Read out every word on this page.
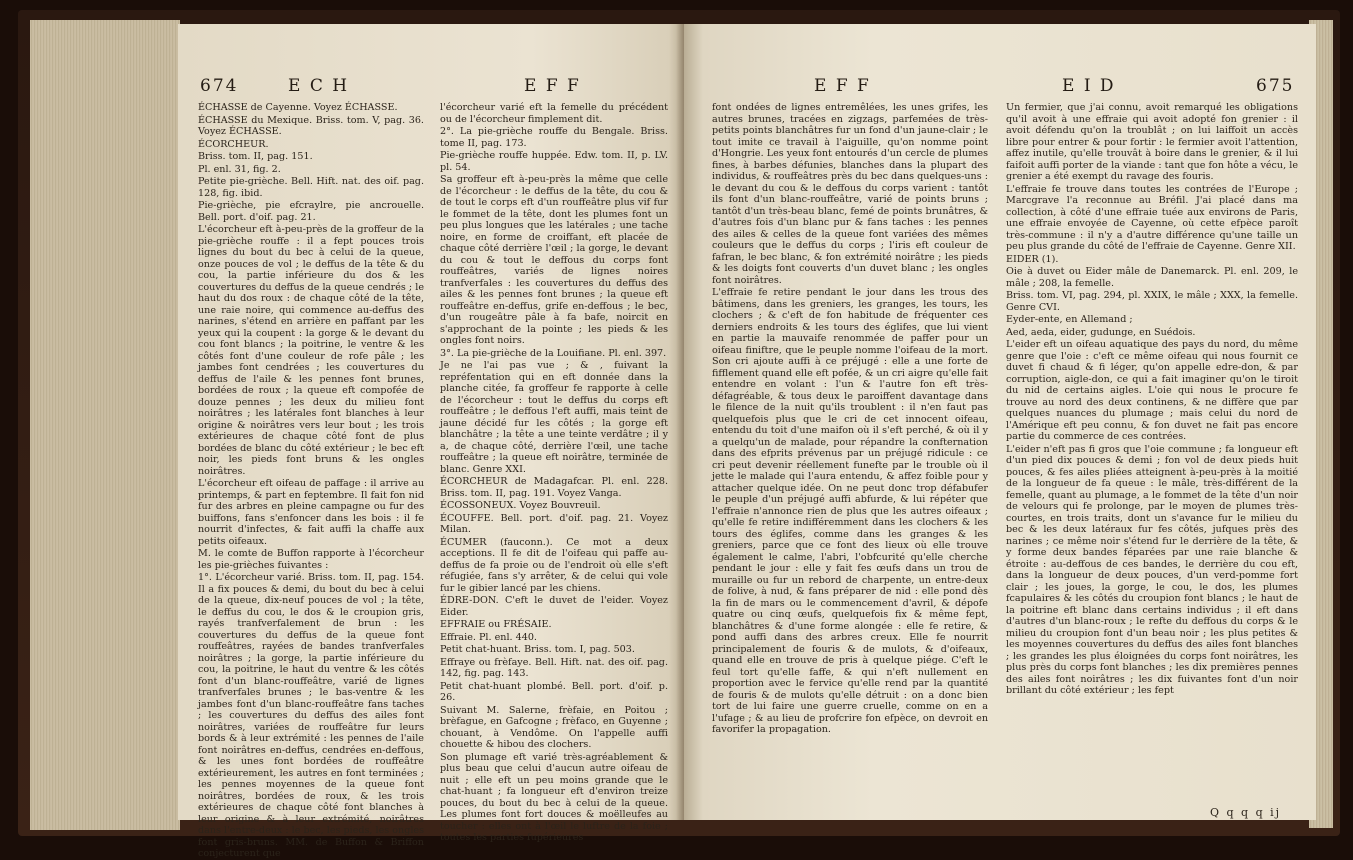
674	E C H	E F F

ÉCHASSE de Cayenne. Voyez ÉCHASSE.

ÉCHASSE du Mexique. Briss. tom. V, pag. 36. Voyez ÉCHASSE.

ÉCORCHEUR.

Briss. tom. II, pag. 151.

Pl. enl. 31, fig. 2.

Petite pie-grièche. Bell. Hift. nat. des oif. pag. 128, fig. ibid.

Pie-grièche, pie efcraylre, pie ancrouelle. Bell. port. d'oif. pag. 21.

L'écorcheur eft à-peu-près de la groffeur de la pie-grièche rouffe : il a fept pouces trois lignes du bout du bec à celui de la queue, onze pouces de vol ; le deffus de la tête & du cou, la partie inférieure du dos & les couvertures du deffus de la queue cendrés ; le haut du dos roux : de chaque côté de la tête, une raie noire, qui commence au-deffus des narines, s'étend en arrière en paffant par les yeux qui la coupent : la gorge & le devant du cou font blancs ; la poitrine, le ventre & les côtés font d'une couleur de rofe pâle ; les jambes font cendrées ; les couvertures du deffus de l'aile & les pennes font brunes, bordées de roux ; la queue eft compofée de douze pennes ; les deux du milieu font noirâtres ; les latérales font blanches à leur origine & noirâtres vers leur bout ; les trois extérieures de chaque côté font de plus bordées de blanc du côté extérieur ; le bec eft noir, les pieds font bruns & les ongles noirâtres.

L'écorcheur eft oifeau de paffage : il arrive au printemps, & part en feptembre. Il fait fon nid fur des arbres en pleine campagne ou fur des buiffons, fans s'enfoncer dans les bois : il fe nourrit d'infectes, & fait auffi la chaffe aux petits oifeaux.

M. le comte de Buffon rapporte à l'écorcheur les pie-grièches fuivantes :

1°. L'écorcheur varié. Briss. tom. II, pag. 154. Il a fix pouces & demi, du bout du bec à celui de la queue, dix-neuf pouces de vol ; la tête, le deffus du cou, le dos & le croupion gris, rayés tranfverfalement de brun : les couvertures du deffus de la queue font rouffeâtres, rayées de bandes tranfverfales noirâtres ; la gorge, la partie inférieure du cou, la poitrine, le haut du ventre & les côtés font d'un blanc-rouffeâtre, varié de lignes tranfverfales brunes ; le bas-ventre & les jambes font d'un blanc-rouffeâtre fans taches ; les couvertures du deffus des ailes font noirâtres, variées de rouffeâtre fur leurs bords & à leur extrémité : les pennes de l'aile font noirâtres en-deffus, cendrées en-deffous, & les unes font bordées de rouffeâtre extérieurement, les autres en font terminées ; les pennes moyennes de la queue font noirâtres, bordées de roux, & les trois extérieures de chaque côté font blanches à leur origine & à leur extrémité, noirâtres dans l'entre-deux : le bec, les pieds, les ongles font gris-bruns. MM. de Buffon & Briffon conjecturent que

l'écorcheur varié eft la femelle du précédent ou de l'écorcheur fimplement dit.

2°. La pie-grièche rouffe du Bengale. Briss. tome II, pag. 173.

Pie-grièche rouffe huppée. Edw. tom. II, p. LV. pl. 54.

Sa groffeur eft à-peu-près la même que celle de l'écorcheur : le deffus de la tête, du cou & de tout le corps eft d'un rouffeâtre plus vif fur le fommet de la tête, dont les plumes font un peu plus longues que les latérales ; une tache noire, en forme de croiffant, eft placée de chaque côté derrière l'œil ; la gorge, le devant du cou & tout le deffous du corps font rouffeâtres, variés de lignes noires tranfverfales : les couvertures du deffus des ailes & les pennes font brunes ; la queue eft rouffeâtre en-deffus, grife en-deffous ; le bec, d'un rougeâtre pâle à fa bafe, noircit en s'approchant de la pointe ; les pieds & les ongles font noirs.

3°. La pie-grièche de la Louifiane. Pl. enl. 397.

Je ne l'ai pas vue ; & , fuivant la repréfentation qui en eft donnée dans la planche citée, fa groffeur fe rapporte à celle de l'écorcheur : tout le deffus du corps eft rouffeâtre ; le deffous l'eft auffi, mais teint de jaune décidé fur les côtés ; la gorge eft blanchâtre ; la tête a une teinte verdâtre ; il y a, de chaque côté, derrière l'œil, une tache rouffeâtre ; la queue eft noirâtre, terminée de blanc. Genre XXI.

ÉCORCHEUR de Madagafcar. Pl. enl. 228. Briss. tom. II, pag. 191. Voyez Vanga.

ÉCOSSONEUX. Voyez Bouvreuil.

ÉCOUFFE. Bell. port. d'oif. pag. 21. Voyez Milan.

ÉCUMER (fauconn.). Ce mot a deux acceptions. Il fe dit de l'oifeau qui paffe au-deffus de fa proie ou de l'endroit où elle s'eft réfugiée, fans s'y arrêter, & de celui qui vole fur le gibier lancé par les chiens.

ÉDRE-DON. C'eft le duvet de l'eider. Voyez Eider.

EFFRAIE ou FRÉSAIE.

Effraie. Pl. enl. 440.

Petit chat-huant. Briss. tom. I, pag. 503.

Effraye ou frèfaye. Bell. Hift. nat. des oif. pag. 142, fig. pag. 143.

Petit chat-huant plombé. Bell. port. d'oif. p. 26.

Suivant M. Salerne, frèfaie, en Poitou ; brèfague, en Gafcogne ; frèfaco, en Guyenne ; chouant, à Vendôme. On l'appelle auffi chouette & hibou des clochers.

Son plumage eft varié très-agréablement & plus beau que celui d'aucun autre oifeau de nuit ; elle eft un peu moins grande que le chat-huant ; fa longueur eft d'environ treize pouces, du bout du bec à celui de la queue. Les plumes font fort douces & moëlleufes au toucher : elles ont à l'œil le luftre de la foie ; toutes les parties fupérieures

E F F	E I D	675

font ondées de lignes entremêlées, les unes grifes, les autres brunes, tracées en zigzags, parfemées de très-petits points blanchâtres fur un fond d'un jaune-clair ; le tout imite ce travail à l'aiguille, qu'on nomme point d'Hongrie. Les yeux font entourés d'un cercle de plumes fines, à barbes défunies, blanches dans la plupart des individus, & rouffeâtres près du bec dans quelques-uns : le devant du cou & le deffous du corps varient : tantôt ils font d'un blanc-rouffeâtre, varié de points bruns ; tantôt d'un très-beau blanc, femé de points brunâtres, & d'autres fois d'un blanc pur & fans taches : les pennes des ailes & celles de la queue font variées des mêmes couleurs que le deffus du corps ; l'iris eft couleur de fafran, le bec blanc, & fon extrémité noirâtre ; les pieds & les doigts font couverts d'un duvet blanc ; les ongles font noirâtres.

L'effraie fe retire pendant le jour dans les trous des bâtimens, dans les greniers, les granges, les tours, les clochers ; & c'eft de fon habitude de fréquenter ces derniers endroits & les tours des églifes, que lui vient en partie la mauvaife renommée de paffer pour un oifeau finiftre, que le peuple nomme l'oifeau de la mort. Son cri ajoute auffi à ce préjugé : elle a une forte de fifflement quand elle eft pofée, & un cri aigre qu'elle fait entendre en volant : l'un & l'autre fon eft très-défagréable, & tous deux le paroiffent davantage dans le filence de la nuit qu'ils troublent : il n'en faut pas quelquefois plus que le cri de cet innocent oifeau, entendu du toit d'une maifon où il s'eft perché, & où il y a quelqu'un de malade, pour répandre la confternation dans des efprits prévenus par un préjugé ridicule : ce cri peut devenir réellement funefte par le trouble où il jette le malade qui l'aura entendu, & affez foible pour y attacher quelque idée. On ne peut donc trop défabufer le peuple d'un préjugé auffi abfurde, & lui répéter que l'effraie n'annonce rien de plus que les autres oifeaux ; qu'elle fe retire indifféremment dans les clochers & les tours des églifes, comme dans les granges & les greniers, parce que ce font des lieux où elle trouve également le calme, l'abri, l'obfcurité qu'elle cherche pendant le jour : elle y fait fes œufs dans un trou de muraille ou fur un rebord de charpente, un entre-deux de folive, à nud, & fans préparer de nid : elle pond dès la fin de mars ou le commencement d'avril, & dépofe quatre ou cinq œufs, quelquefois fix & même fept, blanchâtres & d'une forme alongée : elle fe retire, & pond auffi dans des arbres creux. Elle fe nourrit principalement de fouris & de mulots, & d'oifeaux, quand elle en trouve de pris à quelque piége. C'eft le feul tort qu'elle faffe, & qui n'eft nullement en proportion avec le fervice qu'elle rend par la quantité de fouris & de mulots qu'elle détruit : on a donc bien tort de lui faire une guerre cruelle, comme on en a l'ufage ; & au lieu de profcrire fon efpèce, on devroit en favorifer la propagation.

Un fermier, que j'ai connu, avoit remarqué les obligations qu'il avoit à une effraie qui avoit adopté fon grenier : il avoit défendu qu'on la troublât ; on lui laiffoit un accès libre pour entrer & pour fortir : le fermier avoit l'attention, affez inutile, qu'elle trouvât à boire dans le grenier, & il lui faifoit auffi porter de la viande : tant que fon hôte a vécu, le grenier a été exempt du ravage des fouris.

L'effraie fe trouve dans toutes les contrées de l'Europe ; Marcgrave l'a reconnue au Bréfil. J'ai placé dans ma collection, à côté d'une effraie tuée aux environs de Paris, une effraie envoyée de Cayenne, où cette efpèce paroît très-commune : il n'y a d'autre différence qu'une taille un peu plus grande du côté de l'effraie de Cayenne. Genre XII.

EIDER (1).

Oie à duvet ou Eider mâle de Danemarck. Pl. enl. 209, le mâle ; 208, la femelle.

Briss. tom. VI, pag. 294, pl. XXIX, le mâle ; XXX, la femelle. Genre CVI.

Eyder-ente, en Allemand ;

Aed, aeda, eider, gudunge, en Suédois.

L'eider eft un oifeau aquatique des pays du nord, du même genre que l'oie : c'eft ce même oifeau qui nous fournit ce duvet fi chaud & fi léger, qu'on appelle edre-don, & par corruption, aigle-don, ce qui a fait imaginer qu'on le tiroit du nid de certains aigles. L'oie qui nous le procure fe trouve au nord des deux continens, & ne diffère que par quelques nuances du plumage ; mais celui du nord de l'Amérique eft peu connu, & fon duvet ne fait pas encore partie du commerce de ces contrées.

L'eider n'eft pas fi gros que l'oie commune ; fa longueur eft d'un pied dix pouces & demi ; fon vol de deux pieds huit pouces, & fes ailes pliées atteignent à-peu-près à la moitié de la longueur de fa queue : le mâle, très-différent de la femelle, quant au plumage, a le fommet de la tête d'un noir de velours qui fe prolonge, par le moyen de plumes très-courtes, en trois traits, dont un s'avance fur le milieu du bec & les deux latéraux fur fes côtés, jufques près des narines ; ce même noir s'étend fur le derrière de la tête, & y forme deux bandes féparées par une raie blanche & étroite : au-deffous de ces bandes, le derrière du cou eft, dans la longueur de deux pouces, d'un verd-pomme fort clair ; les joues, la gorge, le cou, le dos, les plumes fcapulaires & les côtés du croupion font blancs ; le haut de la poitrine eft blanc dans certains individus ; il eft dans d'autres d'un blanc-roux ; le refte du deffous du corps & le milieu du croupion font d'un beau noir ; les plus petites & les moyennes couvertures du deffus des ailes font blanches ; les grandes les plus éloignées du corps font noirâtres, les plus près du corps font blanches ; les dix premières pennes des ailes font noirâtres ; les dix fuivantes font d'un noir brillant du côté extérieur ; les fept

Q q q q ij
